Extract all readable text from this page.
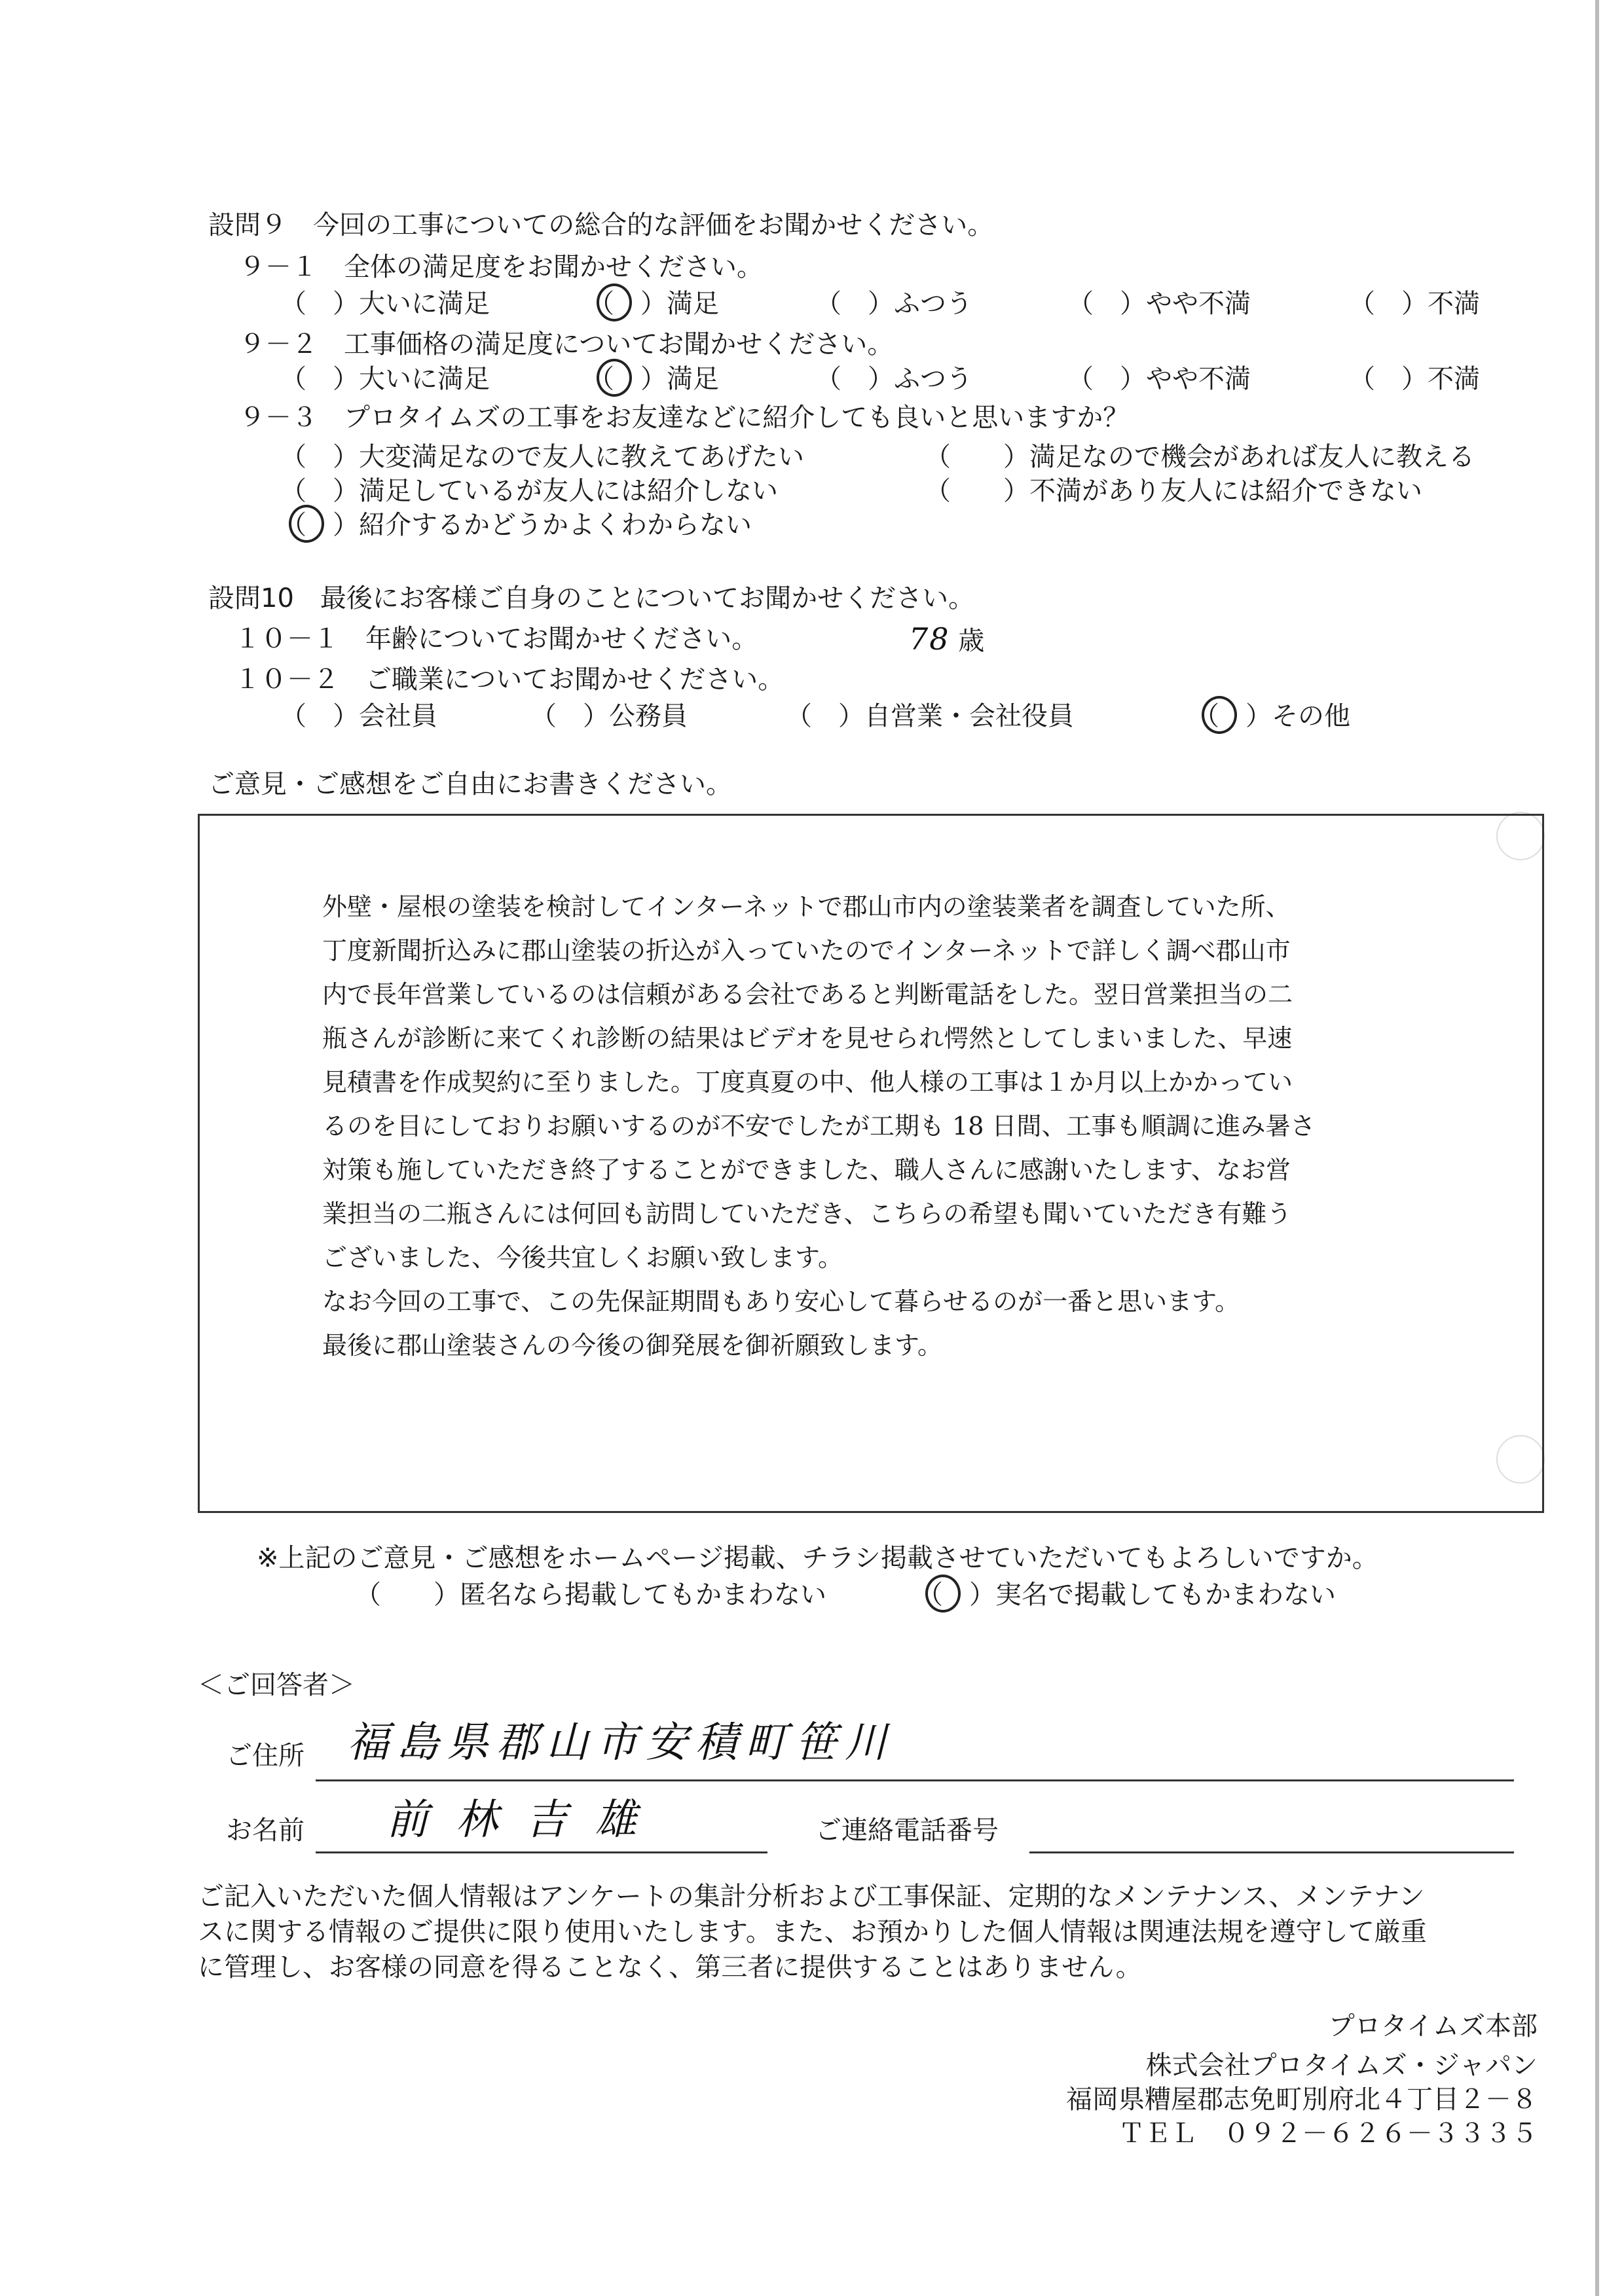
設問９　今回の工事についての総合的な評価をお聞かせください。
９－１　全体の満足度をお聞かせください。
（　）大いに満足	（　
）満足	（　）ふつう	（　）やや不満	（　）不満
９－２　工事価格の満足度についてお聞かせください。
（　）大いに満足	（　
）満足	（　）ふつう	（　）やや不満	（　）不満
９－３　プロタイムズの工事をお友達などに紹介しても良いと思いますか？
（　）大変満足なので友人に教えてあげたい	（　　）満足なので機会があれば友人に教える
（　）満足しているが友人には紹介しない	（　　）不満があり友人には紹介できない
（　
）紹介するかどうかよくわからない
設問10　最後にお客様ご自身のことについてお聞かせください。
１０－１　年齢についてお聞かせください。	78 歳
１０－２　ご職業についてお聞かせください。
（　）会社員	（　）公務員	（　）自営業・会社役員	（　
）その他
ご意見・ご感想をご自由にお書きください。
外壁・屋根の塗装を検討してインターネットで郡山市内の塗装業者を調査していた所、
丁度新聞折込みに郡山塗装の折込が入っていたのでインターネットで詳しく調べ郡山市
内で長年営業しているのは信頼がある会社であると判断電話をした。翌日営業担当の二
瓶さんが診断に来てくれ診断の結果はビデオを見せられ愕然としてしまいました、早速
見積書を作成契約に至りました。丁度真夏の中、他人様の工事は１か月以上かかってい
るのを目にしておりお願いするのが不安でしたが工期も 18 日間、工事も順調に進み暑さ
対策も施していただき終了することができました、職人さんに感謝いたします、なお営
業担当の二瓶さんには何回も訪問していただき、こちらの希望も聞いていただき有難う
ございました、今後共宜しくお願い致します。
なお今回の工事で、この先保証期間もあり安心して暮らせるのが一番と思います。
最後に郡山塗装さんの今後の御発展を御祈願致します。
※上記のご意見・ご感想をホームページ掲載、チラシ掲載させていただいてもよろしいですか。
（　　）匿名なら掲載してもかまわない	（　
）実名で掲載してもかまわない
＜ご回答者＞
ご住所 福島県郡山市安積町笹川
お名前 前林吉雄	ご連絡電話番号
ご記入いただいた個人情報はアンケートの集計分析および工事保証、定期的なメンテナンス、メンテナン
スに関する情報のご提供に限り使用いたします。また、お預かりした個人情報は関連法規を遵守して厳重
に管理し、お客様の同意を得ることなく、第三者に提供することはありません。
プロタイムズ本部
株式会社プロタイムズ・ジャパン
福岡県糟屋郡志免町別府北４丁目２－８
ＴＥＬ　０９２－６２６－３３３５
